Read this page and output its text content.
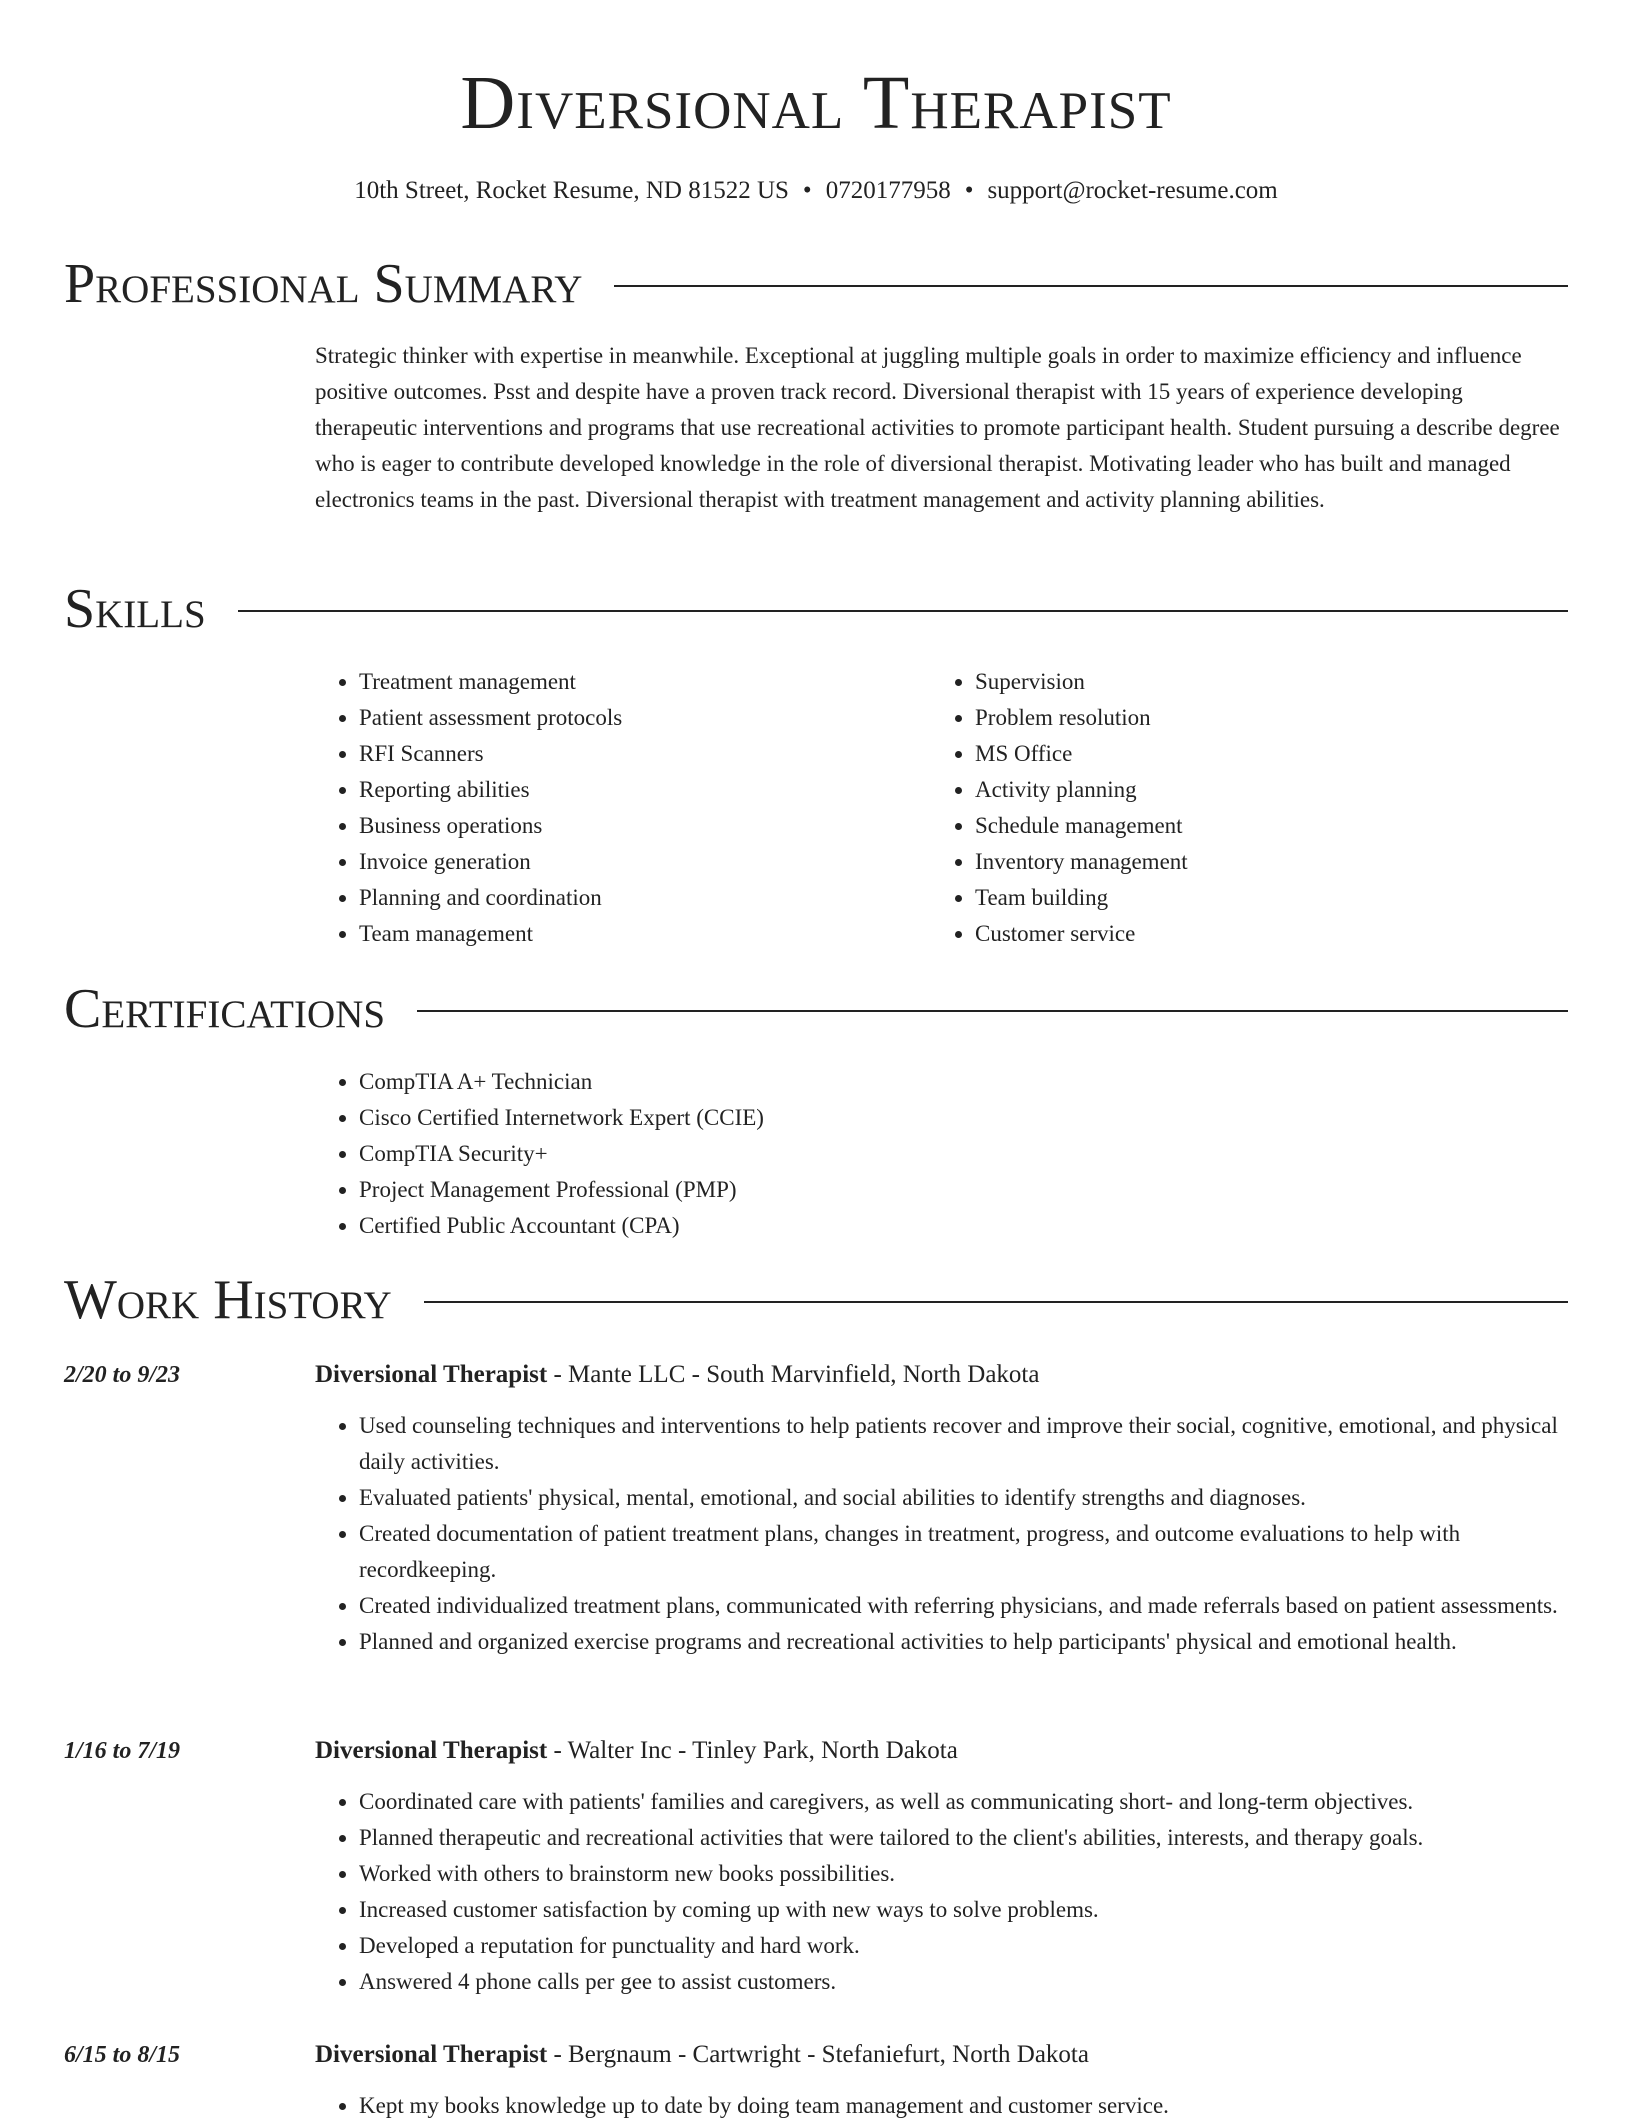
Diversional Therapist
10th Street, Rocket Resume, ND 81522 US • 0720177958 • support@rocket-resume.com
Professional Summary
Strategic thinker with expertise in meanwhile. Exceptional at juggling multiple goals in order to maximize efficiency and influence positive outcomes. Psst and despite have a proven track record. Diversional therapist with 15 years of experience developing therapeutic interventions and programs that use recreational activities to promote participant health. Student pursuing a describe degree who is eager to contribute developed knowledge in the role of diversional therapist. Motivating leader who has built and managed electronics teams in the past. Diversional therapist with treatment management and activity planning abilities.
Skills
• Treatment management
• Patient assessment protocols
• RFI Scanners
• Reporting abilities
• Business operations
• Invoice generation
• Planning and coordination
• Team management
• Supervision
• Problem resolution
• MS Office
• Activity planning
• Schedule management
• Inventory management
• Team building
• Customer service
Certifications
• CompTIA A+ Technician
• Cisco Certified Internetwork Expert (CCIE)
• CompTIA Security+
• Project Management Professional (PMP)
• Certified Public Accountant (CPA)
Work History
2/20 to 9/23	Diversional Therapist - Mante LLC - South Marvinfield, North Dakota
• Used counseling techniques and interventions to help patients recover and improve their social, cognitive, emotional, and physical daily activities.
• Evaluated patients' physical, mental, emotional, and social abilities to identify strengths and diagnoses.
• Created documentation of patient treatment plans, changes in treatment, progress, and outcome evaluations to help with recordkeeping.
• Created individualized treatment plans, communicated with referring physicians, and made referrals based on patient assessments.
• Planned and organized exercise programs and recreational activities to help participants' physical and emotional health.
1/16 to 7/19	Diversional Therapist - Walter Inc - Tinley Park, North Dakota
• Coordinated care with patients' families and caregivers, as well as communicating short- and long-term objectives.
• Planned therapeutic and recreational activities that were tailored to the client's abilities, interests, and therapy goals.
• Worked with others to brainstorm new books possibilities.
• Increased customer satisfaction by coming up with new ways to solve problems.
• Developed a reputation for punctuality and hard work.
• Answered 4 phone calls per gee to assist customers.
6/15 to 8/15	Diversional Therapist - Bergnaum - Cartwright - Stefaniefurt, North Dakota
• Kept my books knowledge up to date by doing team management and customer service.
